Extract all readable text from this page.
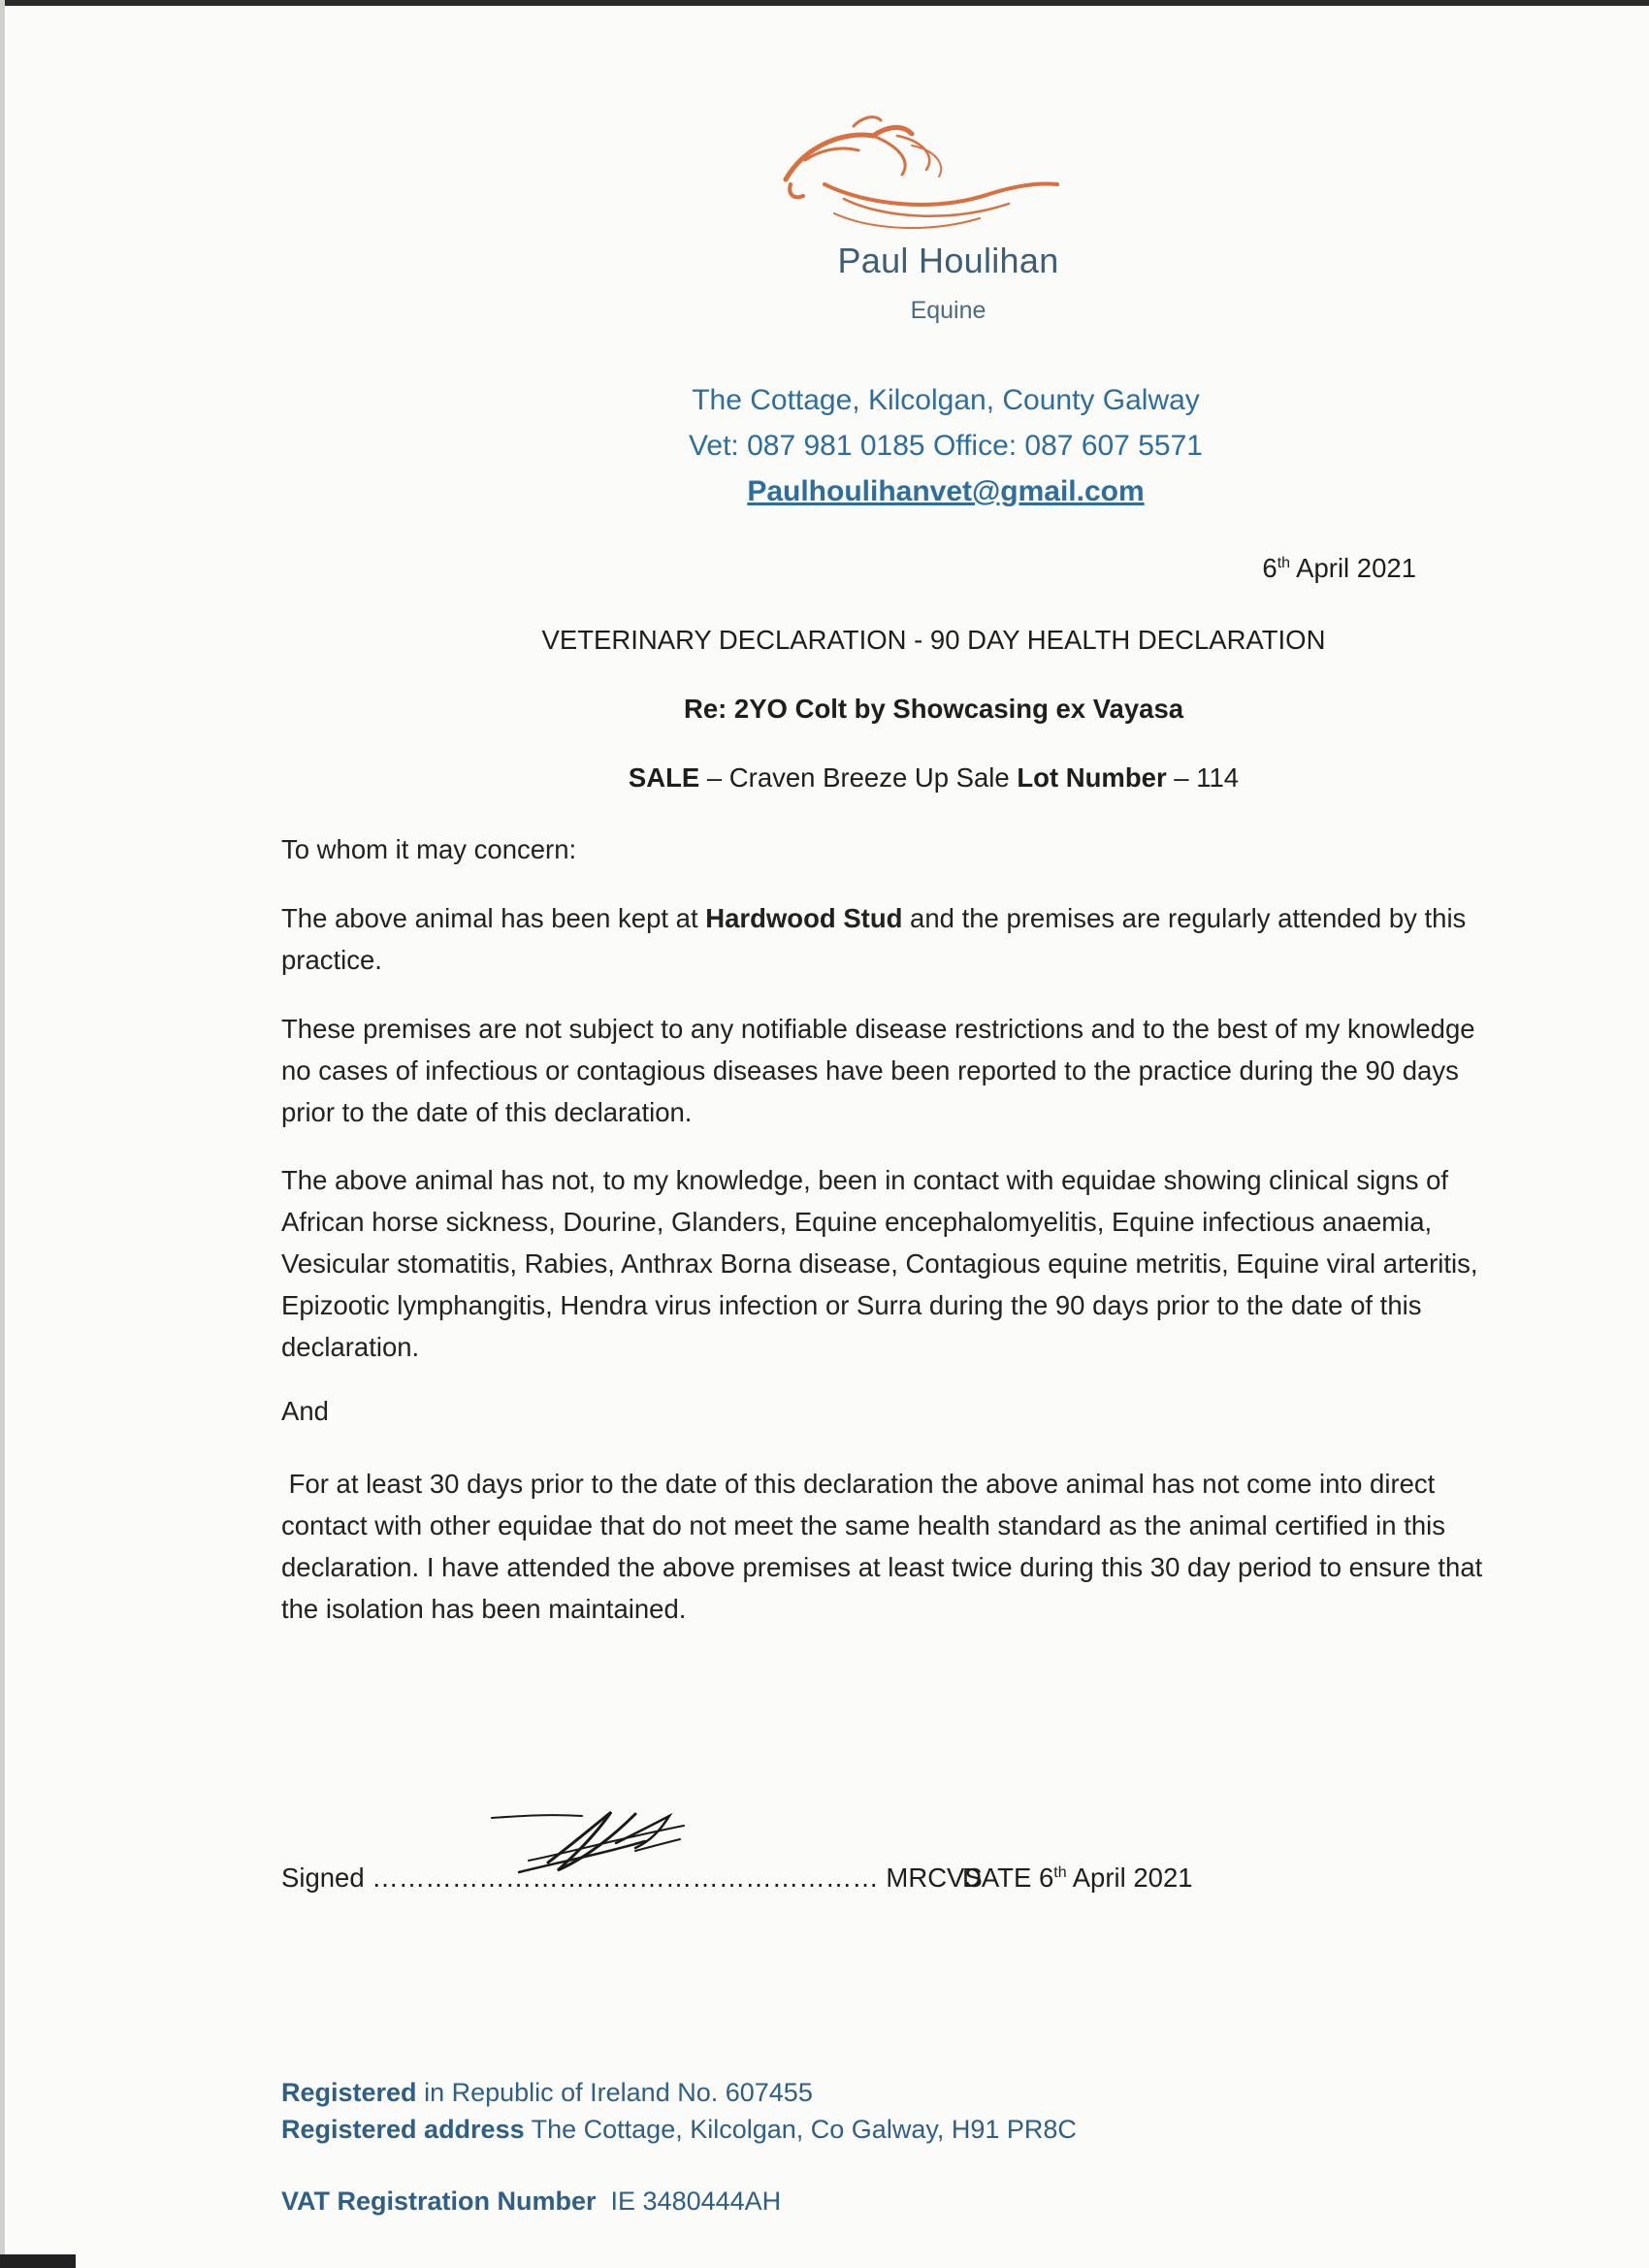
Paul Houlihan
Equine
The Cottage, Kilcolgan, County Galway
Vet: 087 981 0185 Office: 087 607 5571
Paulhoulihanvet@gmail.com
6th April 2021
VETERINARY DECLARATION - 90 DAY HEALTH DECLARATION
Re: 2YO Colt by Showcasing ex Vayasa
SALE – Craven Breeze Up Sale Lot Number – 114
To whom it may concern:

The above animal has been kept at Hardwood Stud and the premises are regularly attended by this practice.

These premises are not subject to any notifiable disease restrictions and to the best of my knowledge no cases of infectious or contagious diseases have been reported to the practice during the 90 days prior to the date of this declaration.

The above animal has not, to my knowledge, been in contact with equidae showing clinical signs of African horse sickness, Dourine, Glanders, Equine encephalomyelitis, Equine infectious anaemia, Vesicular stomatitis, Rabies, Anthrax Borna disease, Contagious equine metritis, Equine viral arteritis, Epizootic lymphangitis, Hendra virus infection or Surra during the 90 days prior to the date of this declaration.

And

For at least 30 days prior to the date of this declaration the above animal has not come into direct contact with other equidae that do not meet the same health standard as the animal certified in this declaration. I have attended the above premises at least twice during this 30 day period to ensure that the isolation has been maintained.

Signed ………………………………………………… MRCVS
DATE 6th April 2021
Registered in Republic of Ireland No. 607455
Registered address The Cottage, Kilcolgan, Co Galway, H91 PR8C
VAT Registration Number  IE 3480444AH
